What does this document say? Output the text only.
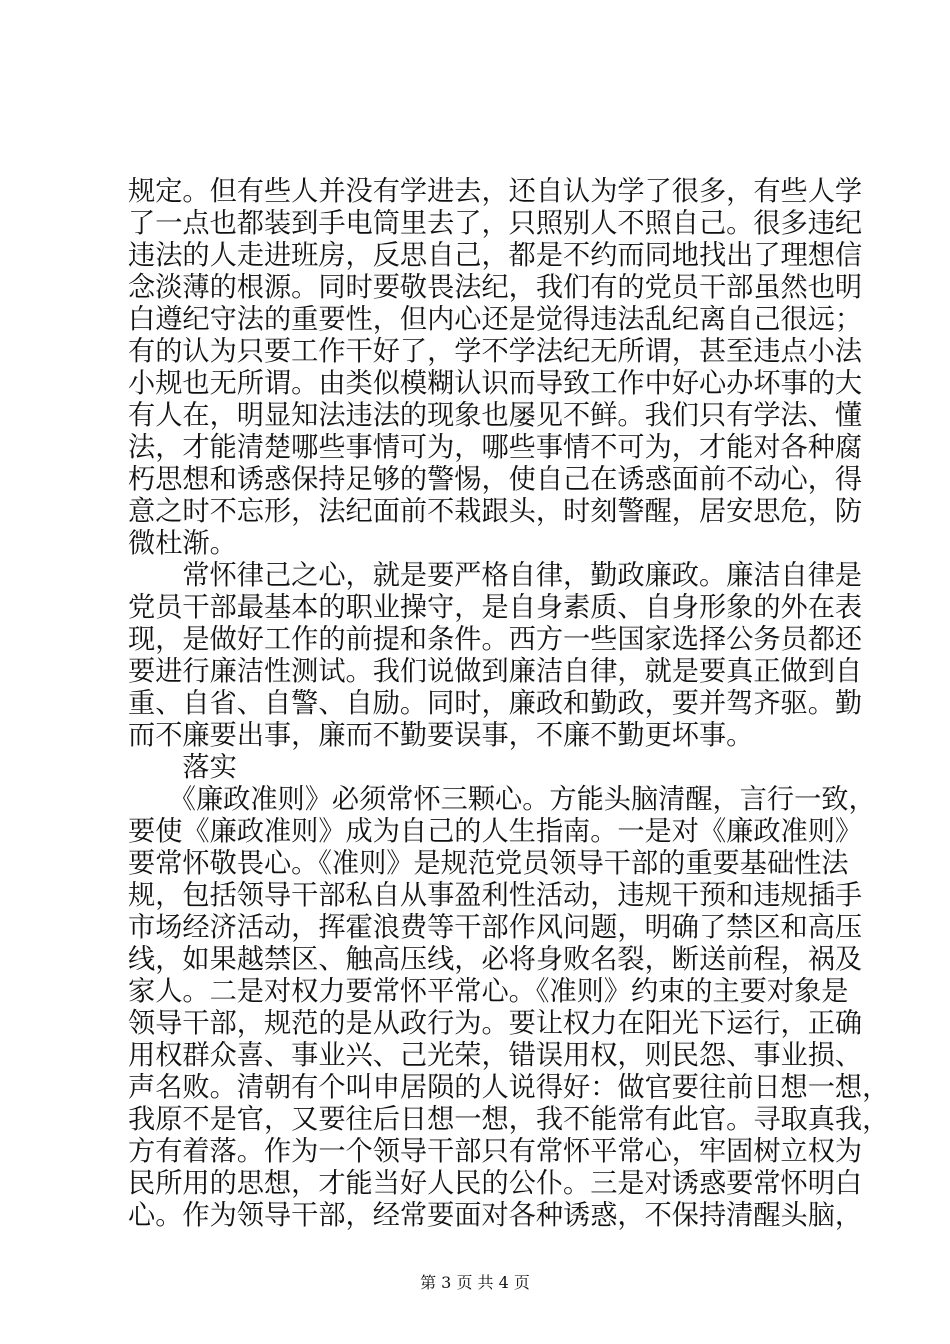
规定。但有些人并没有学进去，还自认为学了很多，有些人学
了一点也都装到手电筒里去了，只照别人不照自己。很多违纪
违法的人走进班房，反思自己，都是不约而同地找出了理想信
念淡薄的根源。同时要敬畏法纪，我们有的党员干部虽然也明
白遵纪守法的重要性，但内心还是觉得违法乱纪离自己很远；
有的认为只要工作干好了，学不学法纪无所谓，甚至违点小法
小规也无所谓。由类似模糊认识而导致工作中好心办坏事的大
有人在，明显知法违法的现象也屡见不鲜。我们只有学法、懂
法，才能清楚哪些事情可为，哪些事情不可为，才能对各种腐
朽思想和诱惑保持足够的警惕，使自己在诱惑面前不动心，得
意之时不忘形，法纪面前不栽跟头，时刻警醒，居安思危，防
微杜渐。
　　常怀律己之心，就是要严格自律，勤政廉政。廉洁自律是
党员干部最基本的职业操守，是自身素质、自身形象的外在表
现，是做好工作的前提和条件。西方一些国家选择公务员都还
要进行廉洁性测试。我们说做到廉洁自律，就是要真正做到自
重、自省、自警、自励。同时，廉政和勤政，要并驾齐驱。勤
而不廉要出事，廉而不勤要误事，不廉不勤更坏事。
　　落实
　　《廉政准则》必须常怀三颗心。方能头脑清醒，言行一致，
要使《廉政准则》成为自己的人生指南。一是对《廉政准则》
要常怀敬畏心。《准则》是规范党员领导干部的重要基础性法
规，包括领导干部私自从事盈利性活动，违规干预和违规插手
市场经济活动，挥霍浪费等干部作风问题，明确了禁区和高压
线，如果越禁区、触高压线，必将身败名裂，断送前程，祸及
家人。二是对权力要常怀平常心。《准则》约束的主要对象是
领导干部，规范的是从政行为。要让权力在阳光下运行，正确
用权群众喜、事业兴、己光荣，错误用权，则民怨、事业损、
声名败。清朝有个叫申居陨的人说得好：做官要往前日想一想，
我原不是官，又要往后日想一想，我不能常有此官。寻取真我，
方有着落。作为一个领导干部只有常怀平常心，牢固树立权为
民所用的思想，才能当好人民的公仆。三是对诱惑要常怀明白
心。作为领导干部，经常要面对各种诱惑，不保持清醒头脑，
第 3 页 共 4 页
